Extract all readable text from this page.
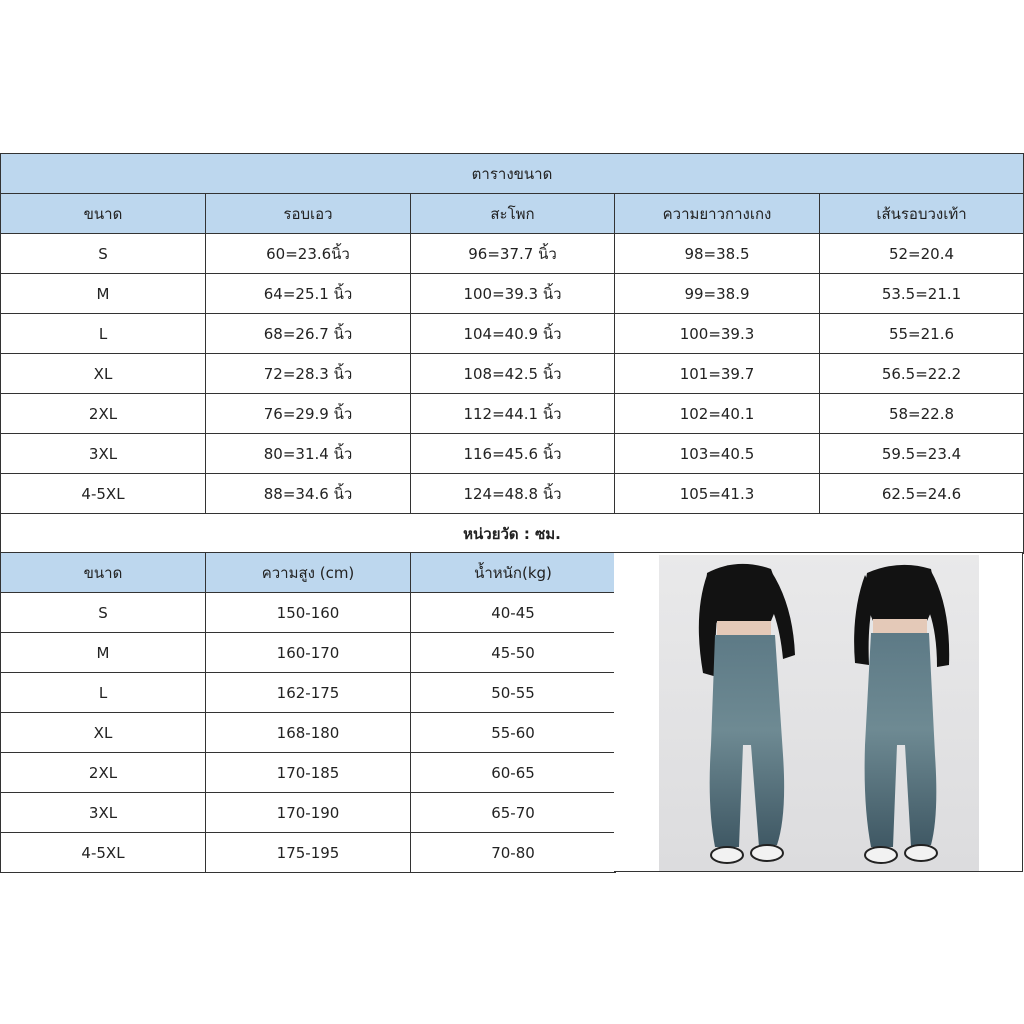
ตารางขนาด				
ขนาด	รอบเอว	สะโพก	ความยาวกางเกง	เส้นรอบวงเท้า
S	60=23.6นิ้ว	96=37.7 นิ้ว	98=38.5	52=20.4
M	64=25.1 นิ้ว	100=39.3 นิ้ว	99=38.9	53.5=21.1
L	68=26.7 นิ้ว	104=40.9 นิ้ว	100=39.3	55=21.6
XL	72=28.3 นิ้ว	108=42.5 นิ้ว	101=39.7	56.5=22.2
2XL	76=29.9 นิ้ว	112=44.1 นิ้ว	102=40.1	58=22.8
3XL	80=31.4 นิ้ว	116=45.6 นิ้ว	103=40.5	59.5=23.4
4-5XL	88=34.6 นิ้ว	124=48.8 นิ้ว	105=41.3	62.5=24.6
หน่วยวัด : ซม.				
ขนาด	ความสูง (cm)	น้ำหนัก(kg)
S	150-160	40-45
M	160-170	45-50
L	162-175	50-55
XL	168-180	55-60
2XL	170-185	60-65
3XL	170-190	65-70
4-5XL	175-195	70-80
